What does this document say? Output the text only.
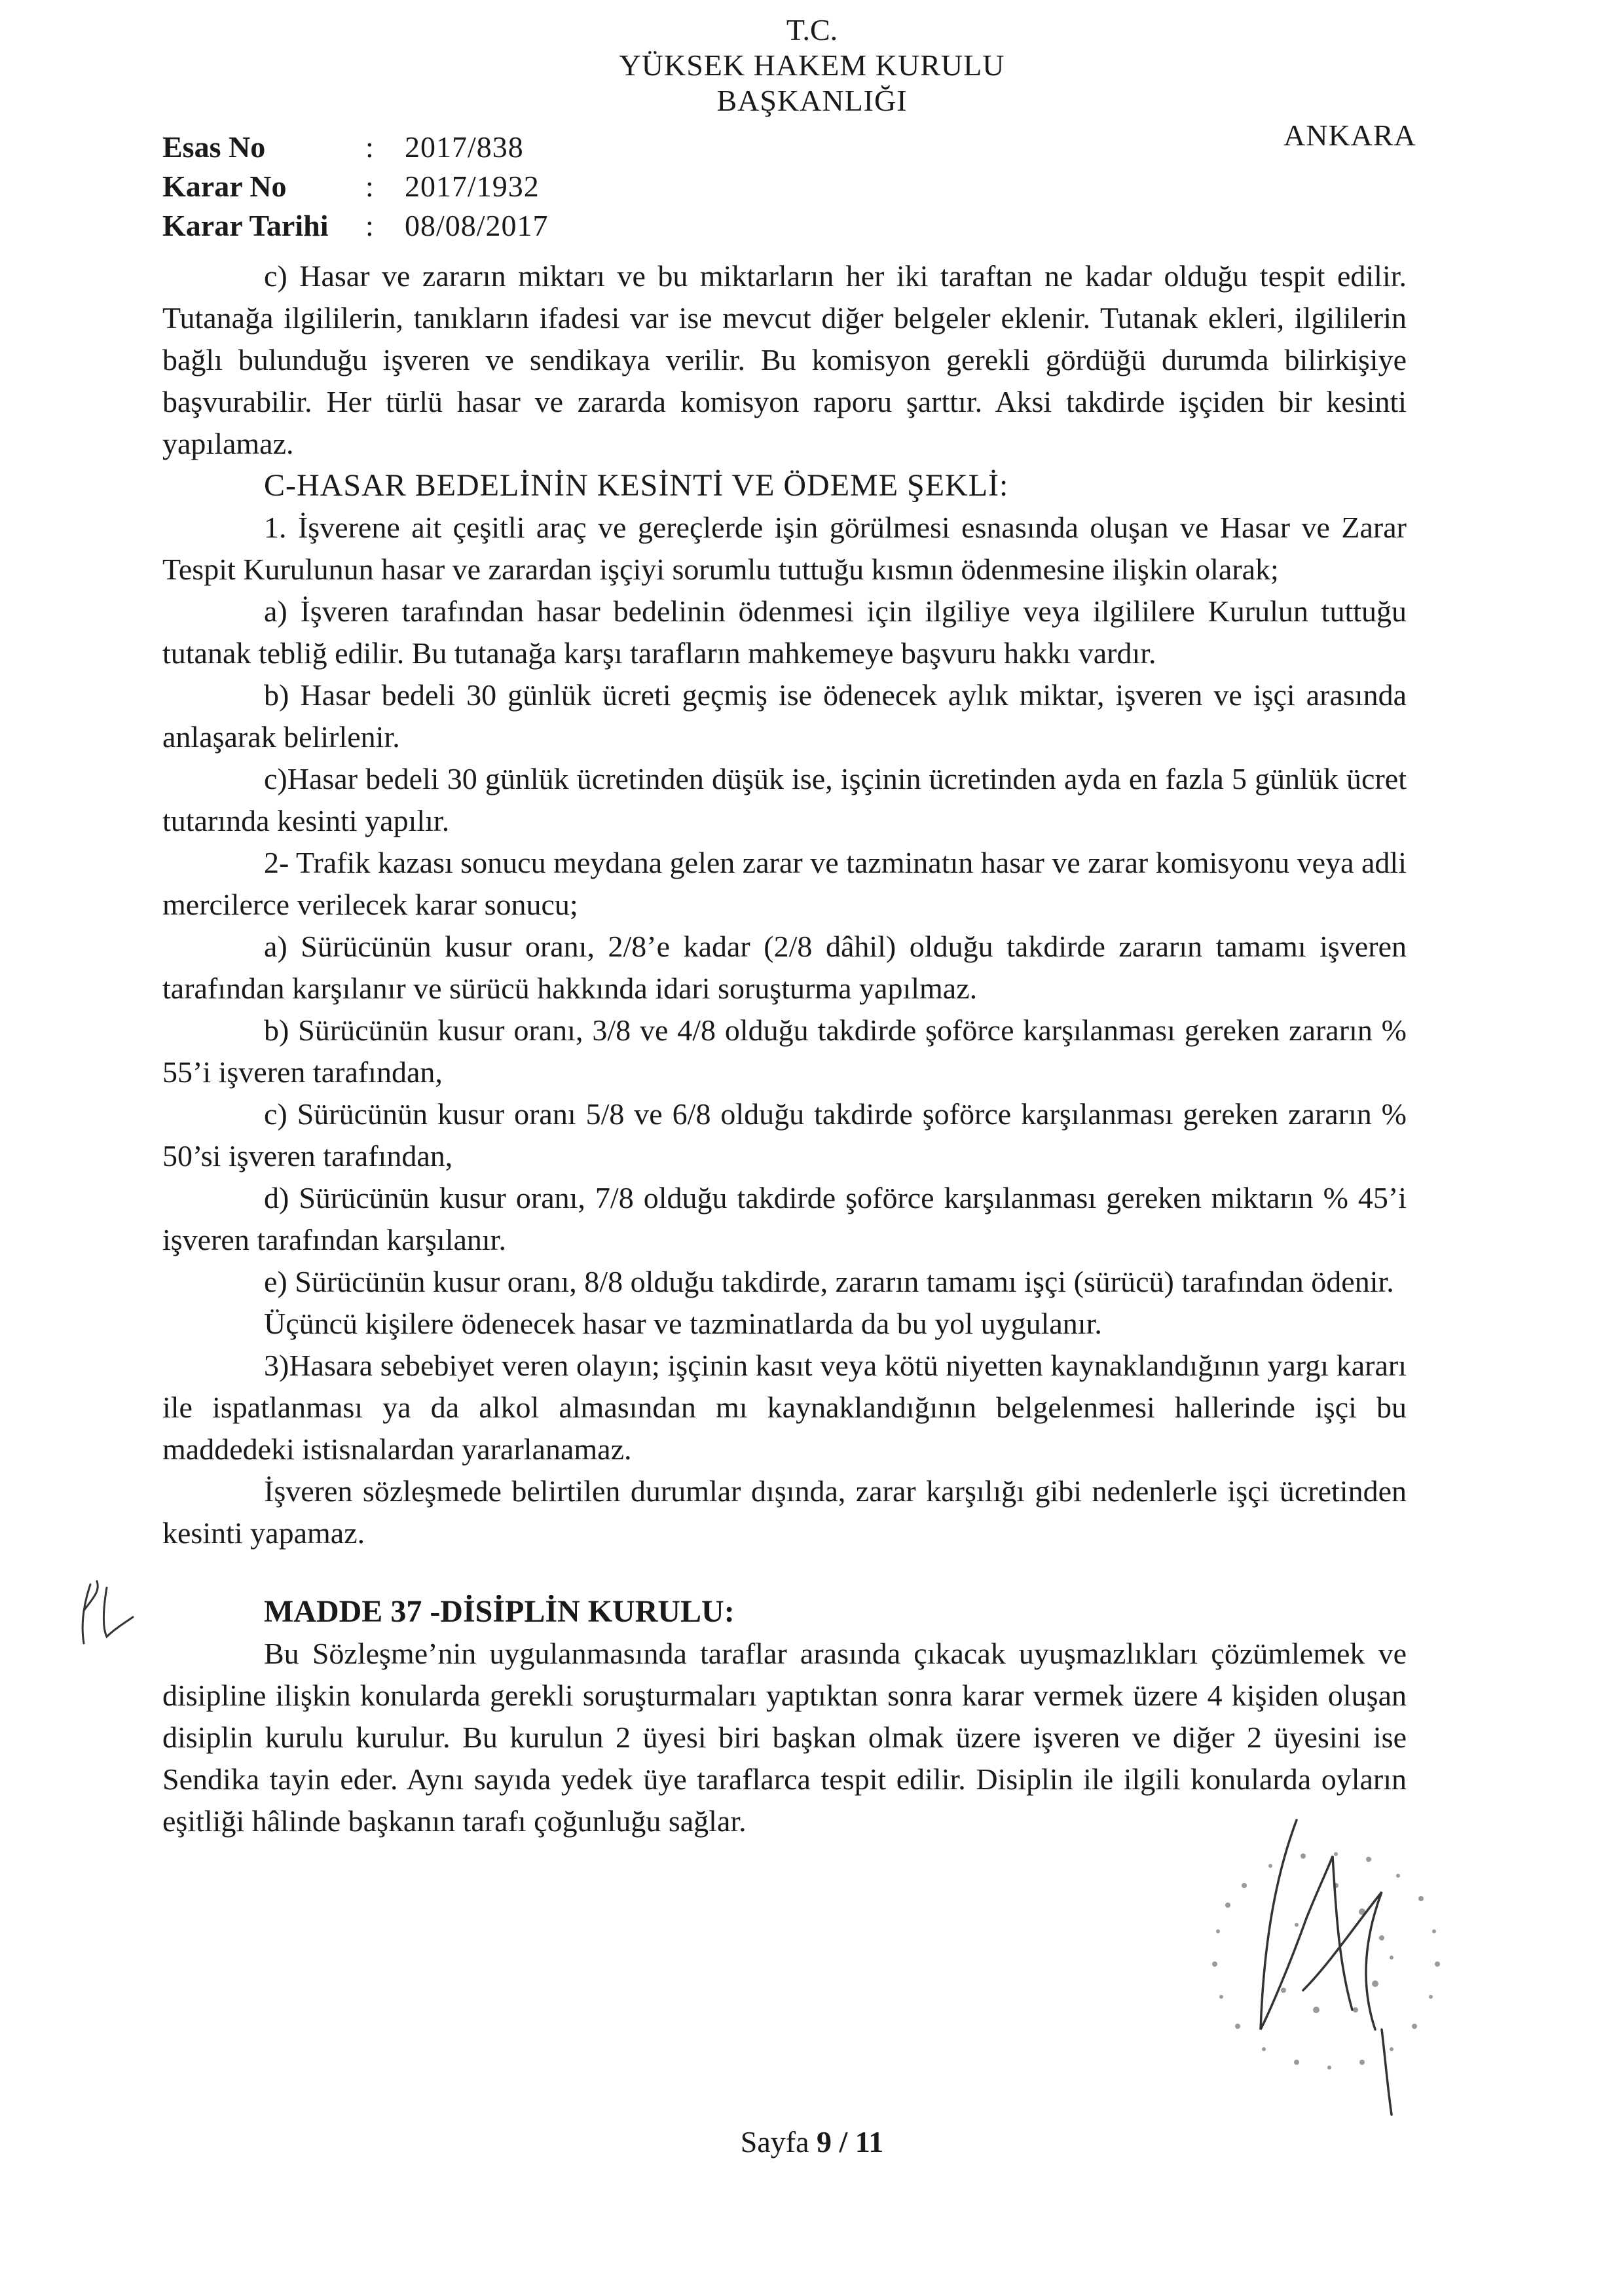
T.C.
YÜKSEK HAKEM KURULU
BAŞKANLIĞI
ANKARA
Esas No	:	2017/838
Karar No	:	2017/1932
Karar Tarihi	:	08/08/2017

c) Hasar ve zararın miktarı ve bu miktarların her iki taraftan ne kadar olduğu tespit edilir. Tutanağa ilgililerin, tanıkların ifadesi var ise mevcut diğer belgeler eklenir. Tutanak ekleri, ilgililerin bağlı bulunduğu işveren ve sendikaya verilir. Bu komisyon gerekli gördüğü durumda bilirkişiye başvurabilir. Her türlü hasar ve zararda komisyon raporu şarttır. Aksi takdirde işçiden bir kesinti yapılamaz.

C-HASAR BEDELİNİN KESİNTİ VE ÖDEME ŞEKLİ:

1. İşverene ait çeşitli araç ve gereçlerde işin görülmesi esnasında oluşan ve Hasar ve Zarar Tespit Kurulunun hasar ve zarardan işçiyi sorumlu tuttuğu kısmın ödenmesine ilişkin olarak;

a) İşveren tarafından hasar bedelinin ödenmesi için ilgiliye veya ilgililere Kurulun tuttuğu tutanak tebliğ edilir. Bu tutanağa karşı tarafların mahkemeye başvuru hakkı vardır.

b) Hasar bedeli 30 günlük ücreti geçmiş ise ödenecek aylık miktar, işveren ve işçi arasında anlaşarak belirlenir.

c)Hasar bedeli 30 günlük ücretinden düşük ise, işçinin ücretinden ayda en fazla 5 günlük ücret tutarında kesinti yapılır.

2- Trafik kazası sonucu meydana gelen zarar ve tazminatın hasar ve zarar komisyonu veya adli mercilerce verilecek karar sonucu;

a) Sürücünün kusur oranı, 2/8’e kadar (2/8 dâhil) olduğu takdirde zararın tamamı işveren tarafından karşılanır ve sürücü hakkında idari soruşturma yapılmaz.

b) Sürücünün kusur oranı, 3/8 ve 4/8 olduğu takdirde şoförce karşılanması gereken zararın % 55’i işveren tarafından,

c) Sürücünün kusur oranı 5/8 ve 6/8 olduğu takdirde şoförce karşılanması gereken zararın % 50’si işveren tarafından,

d) Sürücünün kusur oranı, 7/8 olduğu takdirde şoförce karşılanması gereken miktarın % 45’i işveren tarafından karşılanır.

e) Sürücünün kusur oranı, 8/8 olduğu takdirde, zararın tamamı işçi (sürücü) tarafından ödenir.

Üçüncü kişilere ödenecek hasar ve tazminatlarda da bu yol uygulanır.

3)Hasara sebebiyet veren olayın; işçinin kasıt veya kötü niyetten kaynaklandığının yargı kararı ile ispatlanması ya da alkol almasından mı kaynaklandığının belgelenmesi hallerinde işçi bu maddedeki istisnalardan yararlanamaz.

İşveren sözleşmede belirtilen durumlar dışında, zarar karşılığı gibi nedenlerle işçi ücretinden kesinti yapamaz.

MADDE 37 -DİSİPLİN KURULU:

Bu Sözleşme’nin uygulanmasında taraflar arasında çıkacak uyuşmazlıkları çözümlemek ve disipline ilişkin konularda gerekli soruşturmaları yaptıktan sonra karar vermek üzere 4 kişiden oluşan disiplin kurulu kurulur. Bu kurulun 2 üyesi biri başkan olmak üzere işveren ve diğer 2 üyesini ise Sendika tayin eder. Aynı sayıda yedek üye taraflarca tespit edilir. Disiplin ile ilgili konularda oyların eşitliği hâlinde başkanın tarafı çoğunluğu sağlar.

Sayfa 9 / 11
